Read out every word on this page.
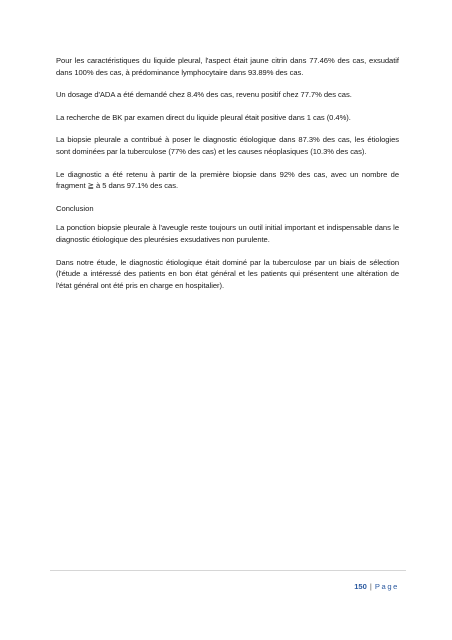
Pour les caractéristiques du liquide pleural, l'aspect était jaune citrin dans 77.46% des cas, exsudatif dans 100% des cas, à prédominance lymphocytaire dans 93.89% des cas.

Un dosage d'ADA a été demandé chez 8.4% des cas, revenu positif chez 77.7% des cas.

La recherche de BK par examen direct du liquide pleural était positive dans 1 cas (0.4%).

La biopsie pleurale a contribué à poser le diagnostic étiologique dans 87.3% des cas, les étiologies sont dominées par la tuberculose (77% des cas) et les causes néoplasiques (10.3% des cas).

Le diagnostic a été retenu à partir de la première biopsie dans 92% des cas, avec un nombre de fragment ≧ à 5 dans 97.1% des cas.

Conclusion

La ponction biopsie pleurale à l'aveugle reste toujours un outil initial important et indispensable dans le diagnostic étiologique des pleurésies exsudatives non purulente.

Dans notre étude, le diagnostic étiologique était dominé par la tuberculose par un biais de sélection (l'étude a intéressé des patients en bon état général et les patients qui présentent une altération de l'état général ont été pris en charge en hospitalier).

150 | Page
